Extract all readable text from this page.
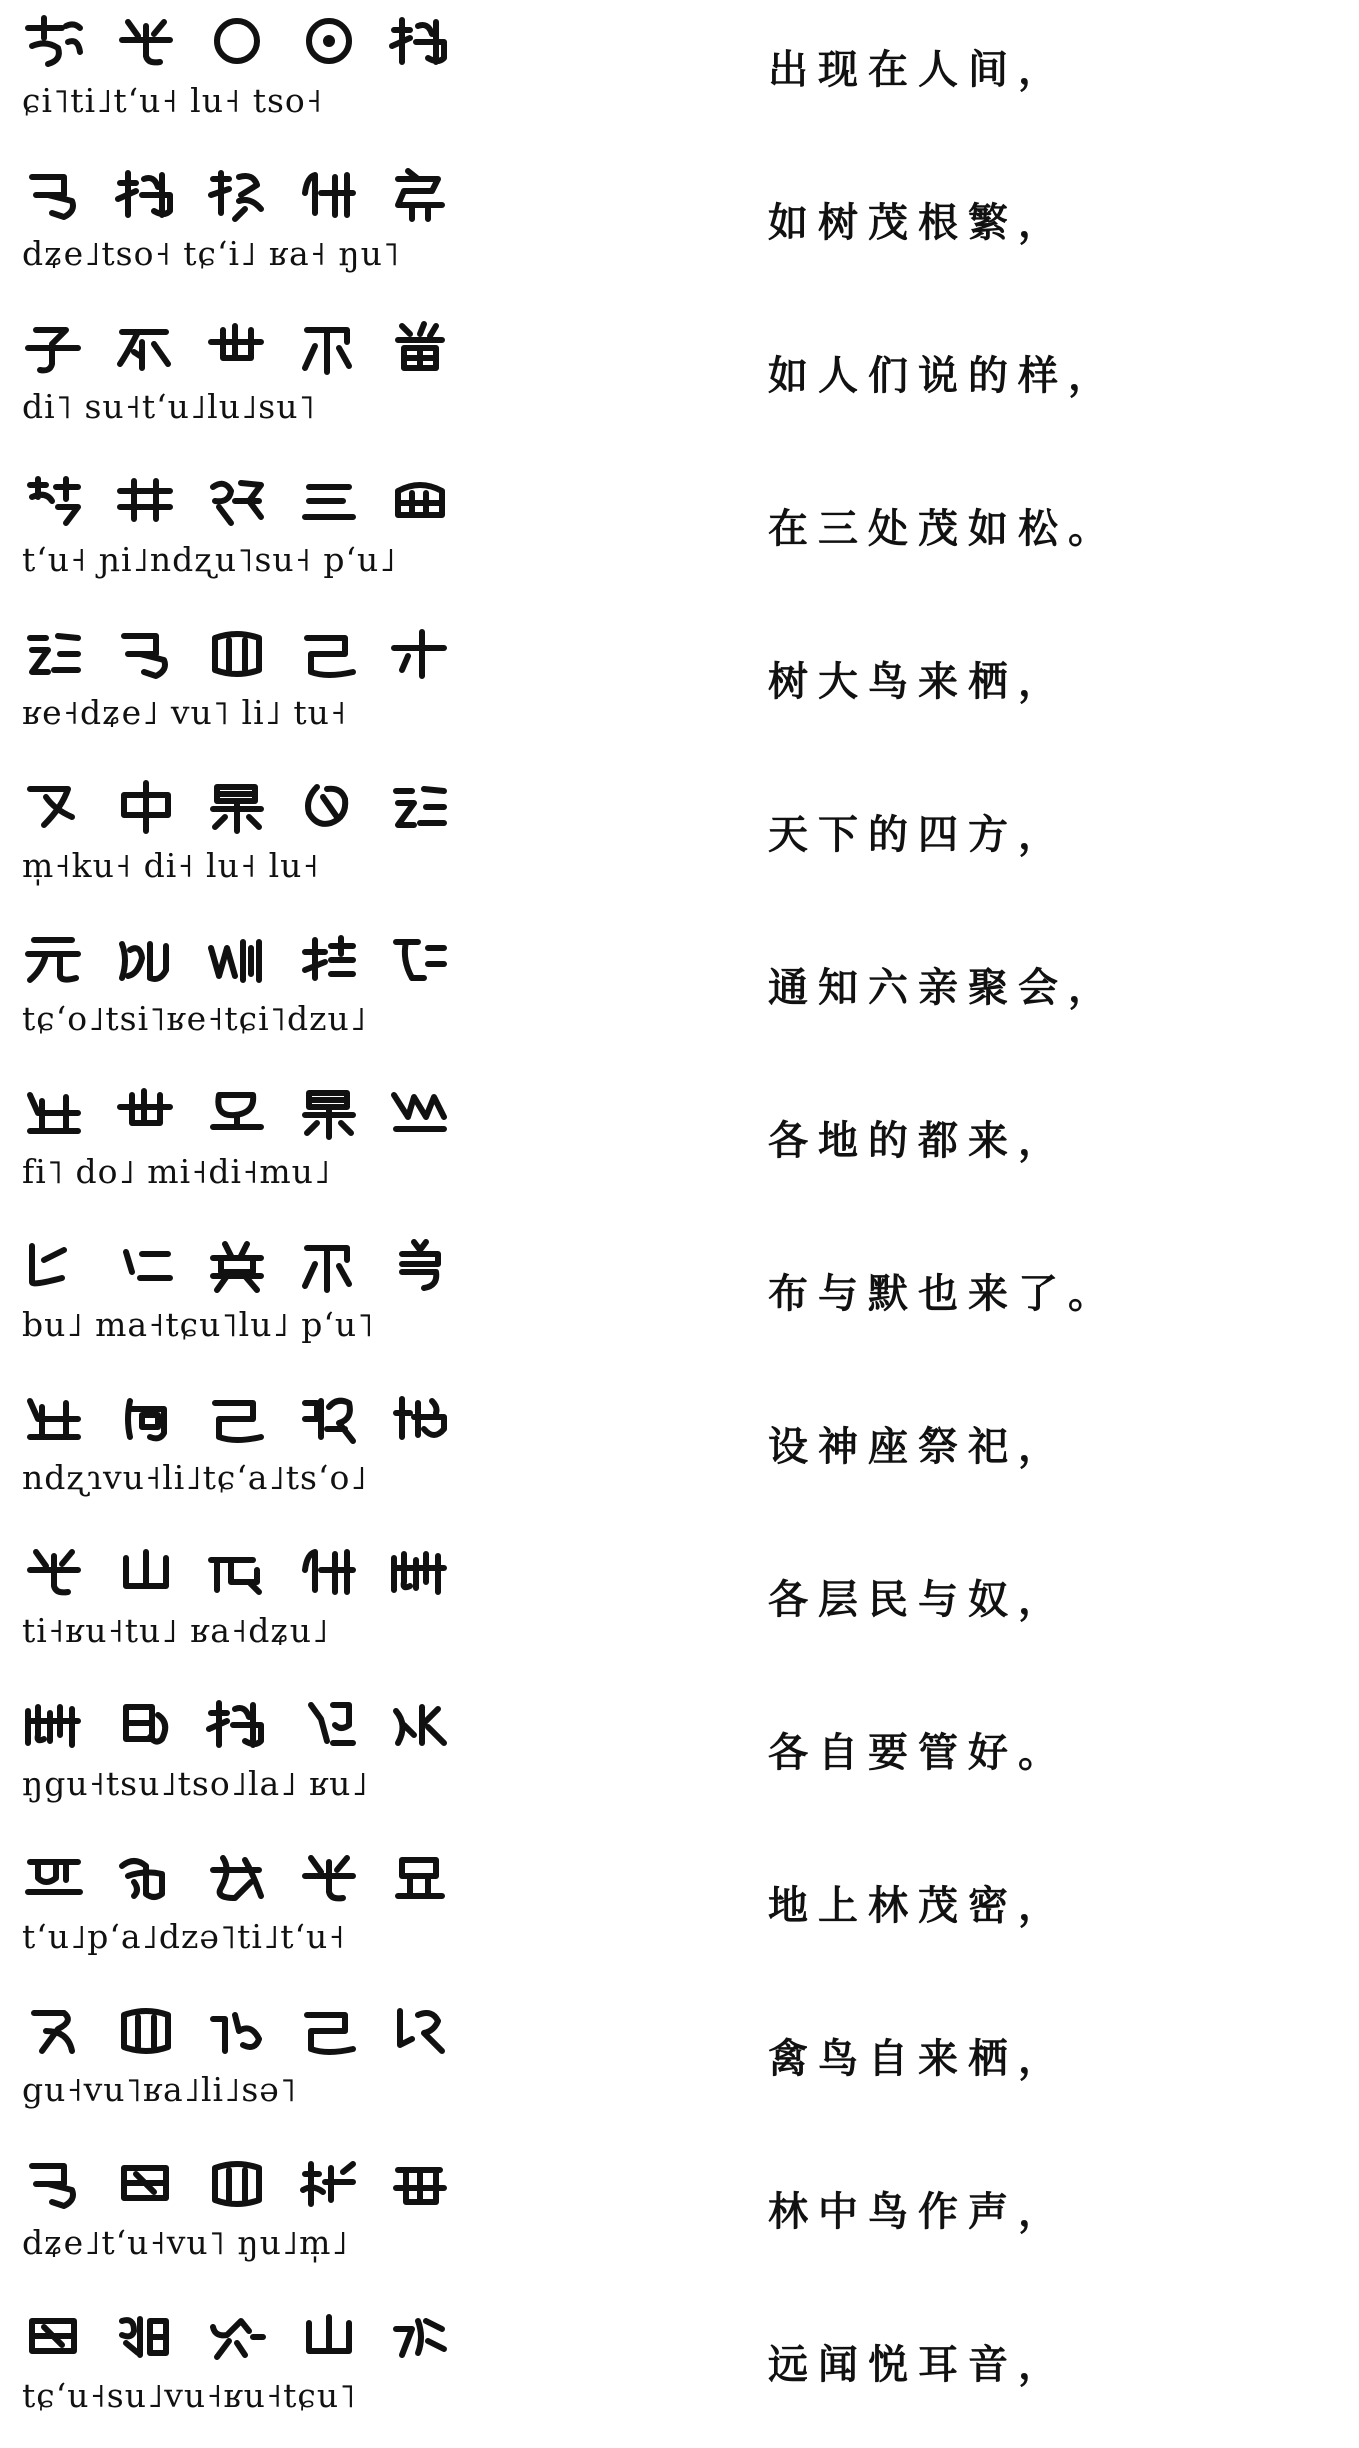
ɕi˥ti˩tʻu˧ lu˧ tso˧
出现在人间，
dʑe˩tso˧ tɕʻi˩ ʁa˧ ŋu˥
如树茂根繁，
di˥ su˧tʻu˩lu˩su˥
如人们说的样，
tʻu˧ ɲi˩ndʐu˥su˧ pʻu˩
在三处茂如松。
ʁe˧dʑe˩ vu˥ li˩ tu˧
树大鸟来栖，
m̩˧ku˧ di˧ lu˧ lu˧
天下的四方，
tɕʻo˩tsi˥ʁe˧tɕi˥dzu˩
通知六亲聚会，
fi˥ do˩ mi˧di˧mu˩
各地的都来，
bu˩ ma˧tɕu˥lu˩ pʻu˥
布与默也来了。
ndʐɿvu˧li˩tɕʻa˩tsʻo˩
设神座祭祀，
ti˧ʁu˧tu˩ ʁa˧dʑu˩
各层民与奴，
ŋgu˧tsu˩tso˩la˩ ʁu˩
各自要管好。
tʻu˩pʻa˩dzə˥ti˩tʻu˧
地上林茂密，
gu˧vu˥ʁa˩li˩sə˥
禽鸟自来栖，
dʑe˩tʻu˧vu˥ ŋu˩m̩˩
林中鸟作声，
tɕʻu˧su˩vu˧ʁu˧tɕu˥
远闻悦耳音，
